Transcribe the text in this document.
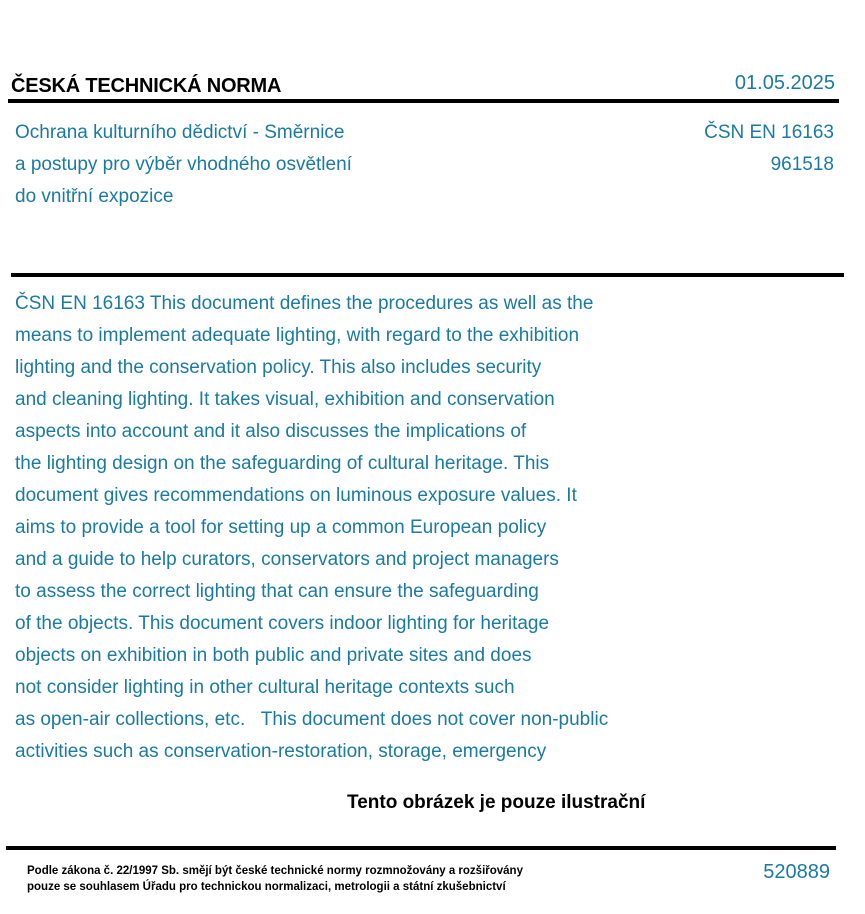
ČESKÁ TECHNICKÁ NORMA	01.05.2025
Ochrana kulturního dědictví - Směrnice
a postupy pro výběr vhodného osvětlení
do vnitřní expozice
ČSN EN 16163
961518
ČSN EN 16163 This document defines the procedures as well as the
means to implement adequate lighting, with regard to the exhibition
lighting and the conservation policy. This also includes security
and cleaning lighting. It takes visual, exhibition and conservation
aspects into account and it also discusses the implications of
the lighting design on the safeguarding of cultural heritage. This
document gives recommendations on luminous exposure values. It
aims to provide a tool for setting up a common European policy
and a guide to help curators, conservators and project managers
to assess the correct lighting that can ensure the safeguarding
of the objects. This document covers indoor lighting for heritage
objects on exhibition in both public and private sites and does
not consider lighting in other cultural heritage contexts such
as open-air collections, etc.   This document does not cover non-public
activities such as conservation-restoration, storage, emergency
Tento obrázek je pouze ilustrační
Podle zákona č. 22/1997 Sb. smějí být české technické normy rozmnožovány a rozšiřovány
pouze se souhlasem Úřadu pro technickou normalizaci, metrologii a státní zkušebnictví
520889
